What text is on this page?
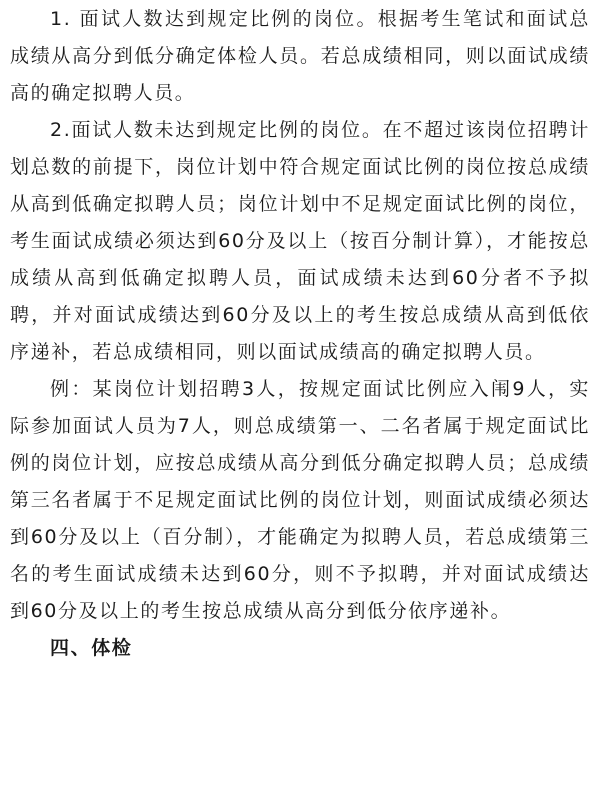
1. 面试人数达到规定比例的岗位。根据考生笔试和面试总成绩从高分到低分确定体检人员。若总成绩相同，则以面试成绩高的确定拟聘人员。

2.面试人数未达到规定比例的岗位。在不超过该岗位招聘计划总数的前提下，岗位计划中符合规定面试比例的岗位按总成绩从高到低确定拟聘人员；岗位计划中不足规定面试比例的岗位，考生面试成绩必须达到60分及以上（按百分制计算），才能按总成绩从高到低确定拟聘人员，面试成绩未达到60分者不予拟聘，并对面试成绩达到60分及以上的考生按总成绩从高到低依序递补，若总成绩相同，则以面试成绩高的确定拟聘人员。

例：某岗位计划招聘3人，按规定面试比例应入闱9人，实际参加面试人员为7人，则总成绩第一、二名者属于规定面试比例的岗位计划，应按总成绩从高分到低分确定拟聘人员；总成绩第三名者属于不足规定面试比例的岗位计划，则面试成绩必须达到60分及以上（百分制），才能确定为拟聘人员，若总成绩第三名的考生面试成绩未达到60分，则不予拟聘，并对面试成绩达到60分及以上的考生按总成绩从高分到低分依序递补。

四、体检
